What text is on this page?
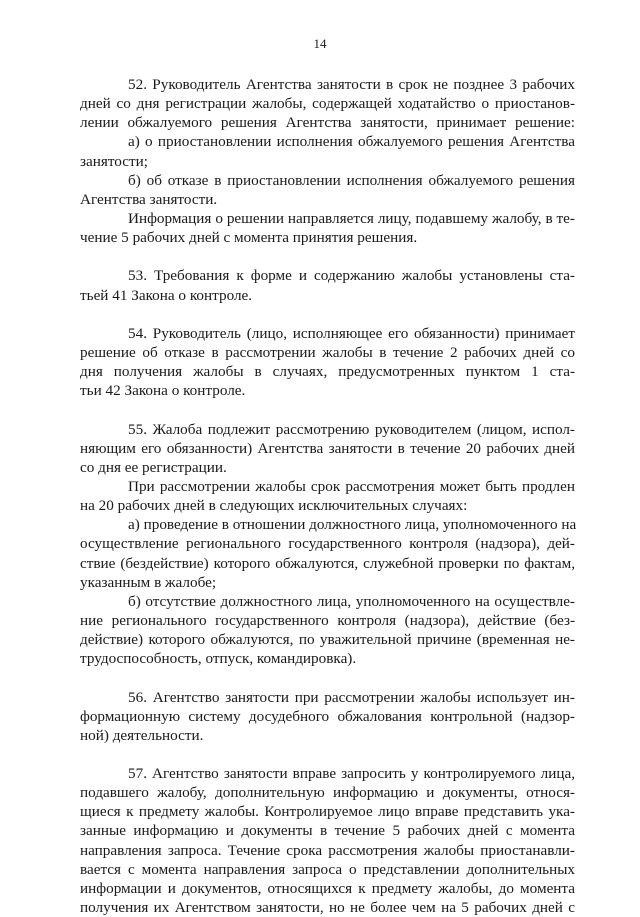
14
52. Руководитель Агентства занятости в срок не позднее 3 рабочих
дней со дня регистрации жалобы, содержащей ходатайство о приостанов-
лении обжалуемого решения Агентства занятости, принимает решение:
а) о приостановлении исполнения обжалуемого решения Агентства
занятости;
б) об отказе в приостановлении исполнения обжалуемого решения
Агентства занятости.
Информация о решении направляется лицу, подавшему жалобу, в те-
чение 5 рабочих дней с момента принятия решения.
53. Требования к форме и содержанию жалобы установлены ста-
тьей 41 Закона о контроле.
54. Руководитель (лицо, исполняющее его обязанности) принимает
решение об отказе в рассмотрении жалобы в течение 2 рабочих дней со
дня получения жалобы в случаях, предусмотренных пунктом 1 ста-
тьи 42 Закона о контроле.
55. Жалоба подлежит рассмотрению руководителем (лицом, испол-
няющим его обязанности) Агентства занятости в течение 20 рабочих дней
со дня ее регистрации.
При рассмотрении жалобы срок рассмотрения может быть продлен
на 20 рабочих дней в следующих исключительных случаях:
а) проведение в отношении должностного лица, уполномоченного на
осуществление регионального государственного контроля (надзора), дей-
ствие (бездействие) которого обжалуются, служебной проверки по фактам,
указанным в жалобе;
б) отсутствие должностного лица, уполномоченного на осуществле-
ние регионального государственного контроля (надзора), действие (без-
действие) которого обжалуются, по уважительной причине (временная не-
трудоспособность, отпуск, командировка).
56. Агентство занятости при рассмотрении жалобы использует ин-
формационную систему досудебного обжалования контрольной (надзор-
ной) деятельности.
57. Агентство занятости вправе запросить у контролируемого лица,
подавшего жалобу, дополнительную информацию и документы, относя-
щиеся к предмету жалобы. Контролируемое лицо вправе представить ука-
занные информацию и документы в течение 5 рабочих дней с момента
направления запроса. Течение срока рассмотрения жалобы приостанавли-
вается с момента направления запроса о представлении дополнительных
информации и документов, относящихся к предмету жалобы, до момента
получения их Агентством занятости, но не более чем на 5 рабочих дней с
